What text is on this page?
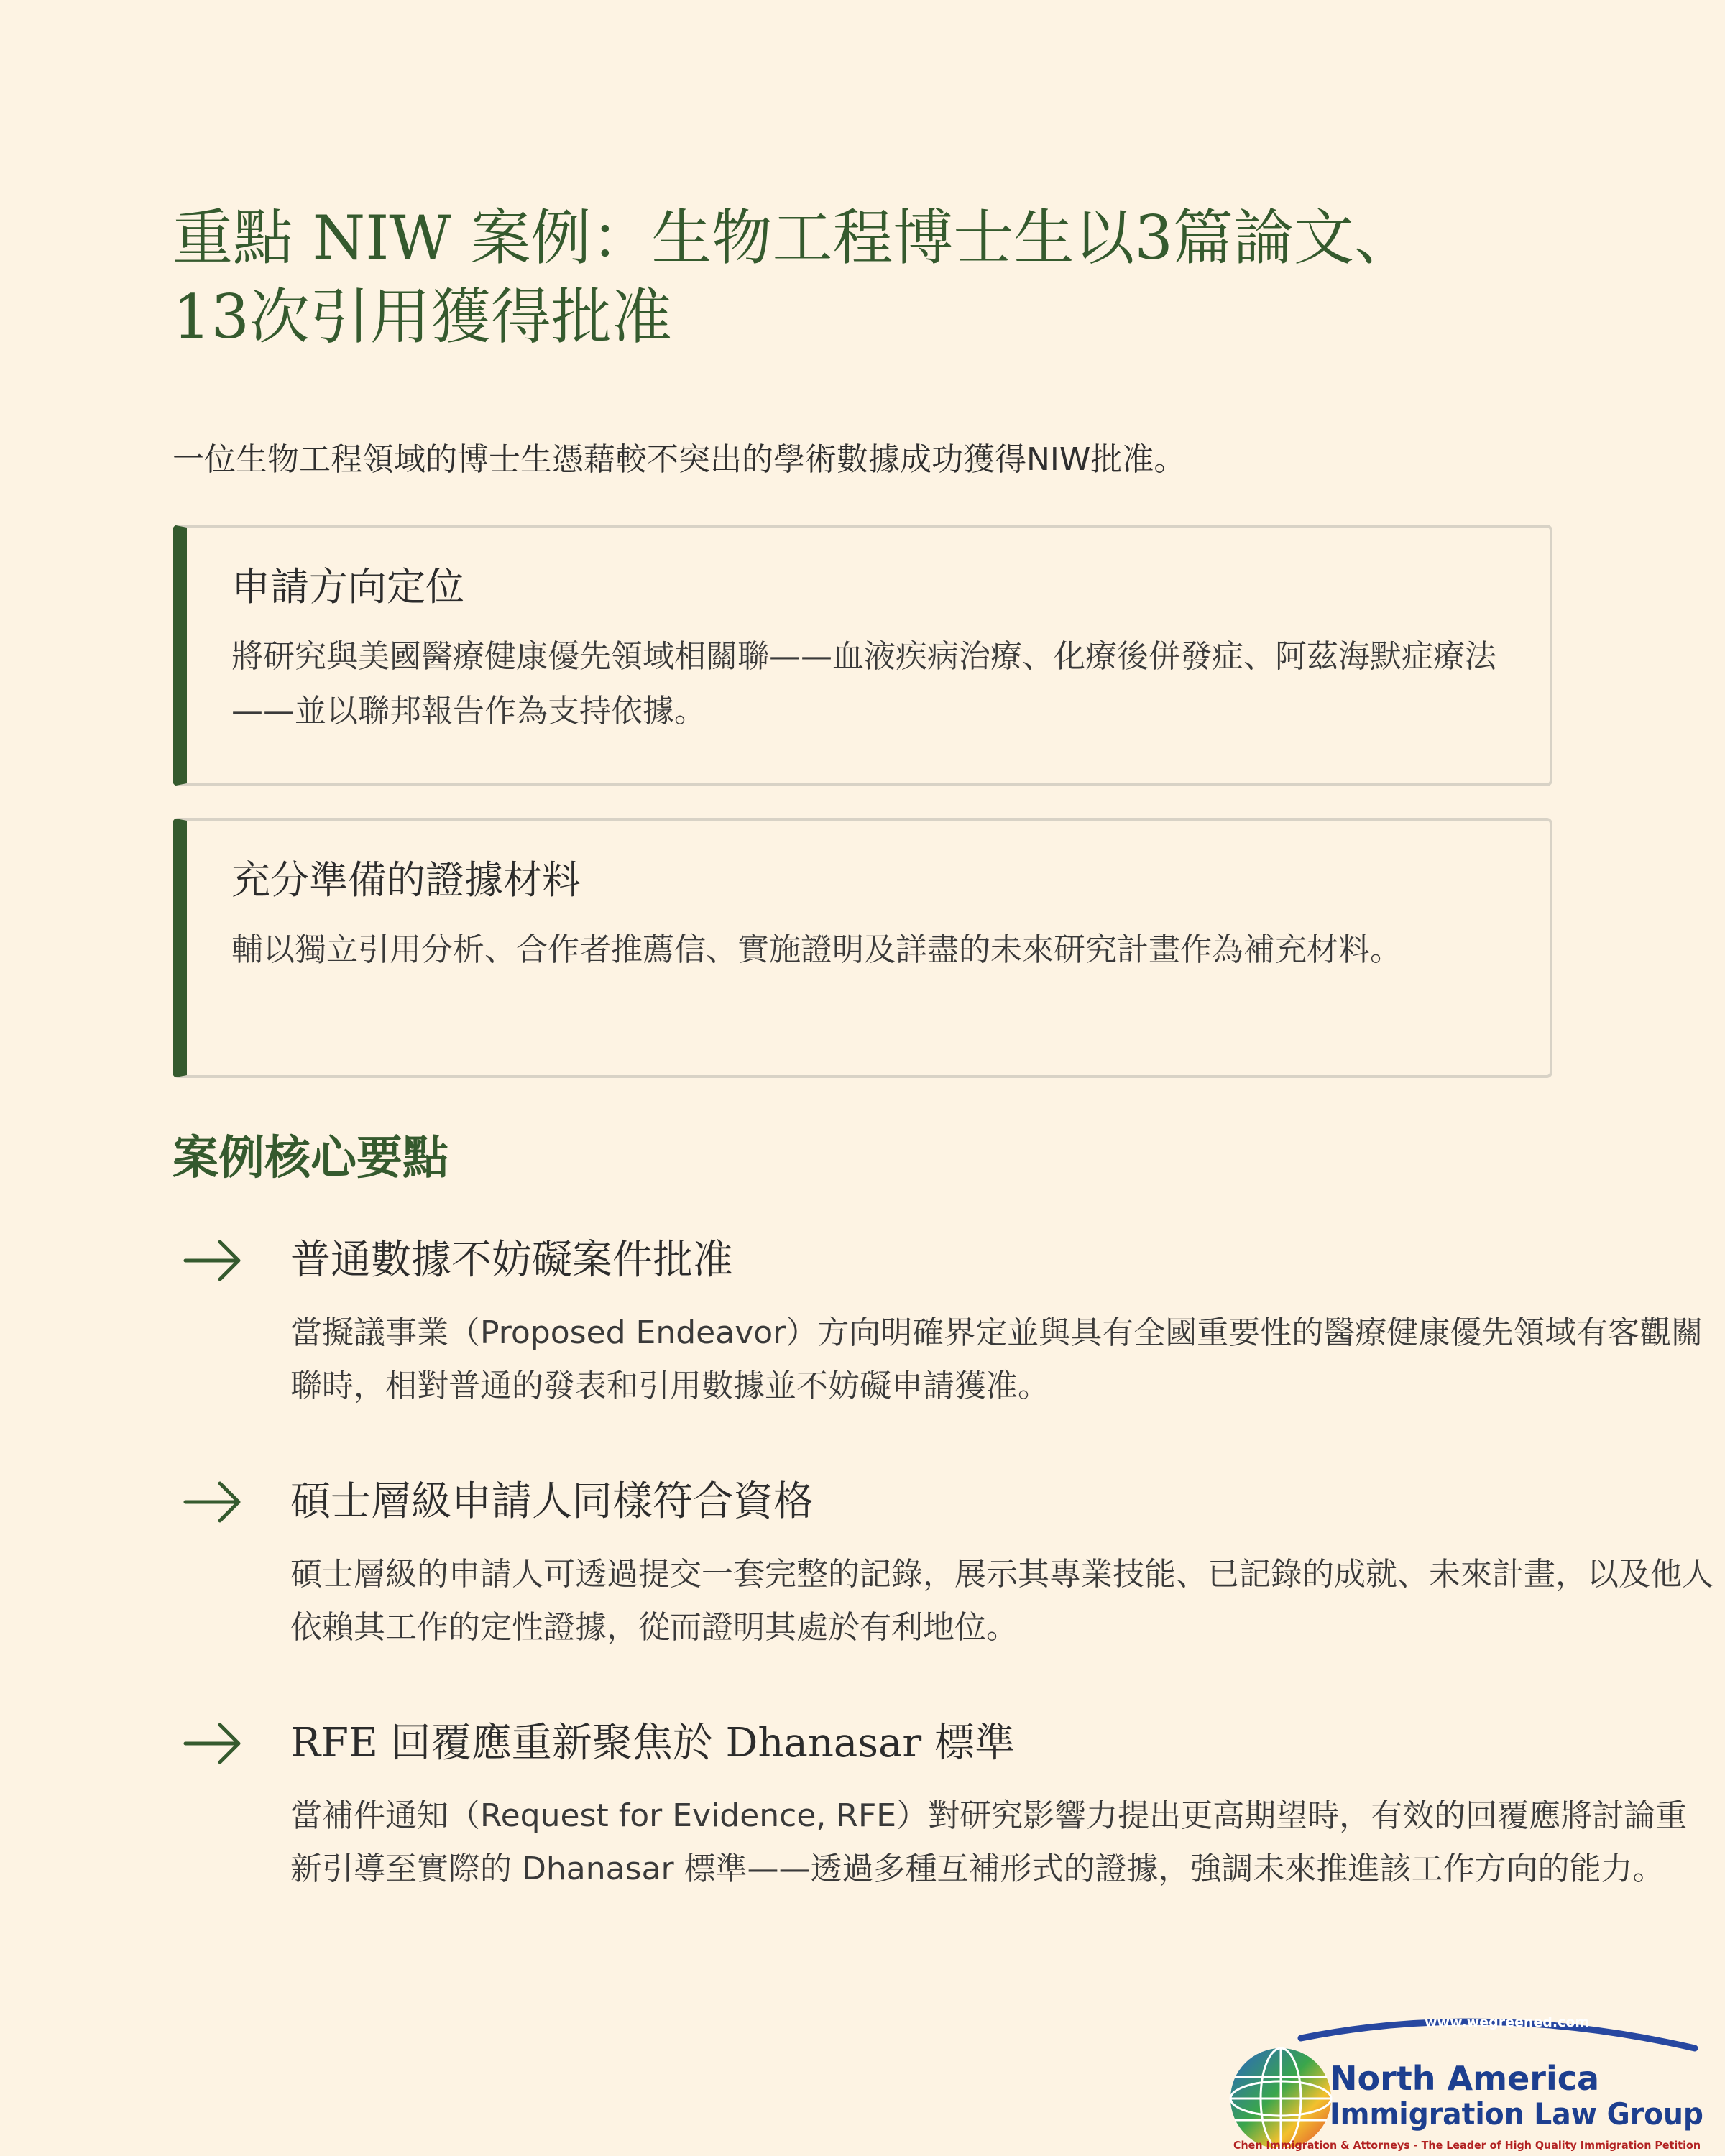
重點 NIW 案例：生物工程博士生以3篇論文、
13次引用獲得批准

一位生物工程領域的博士生憑藉較不突出的學術數據成功獲得NIW批准。

申請方向定位

將研究與美國醫療健康優先領域相關聯——血液疾病治療、化療後併發症、阿茲海默症療法——並以聯邦報告作為支持依據。

充分準備的證據材料

輔以獨立引用分析、合作者推薦信、實施證明及詳盡的未來研究計畫作為補充材料。

案例核心要點
普通數據不妨礙案件批准

當擬議事業（Proposed Endeavor）方向明確界定並與具有全國重要性的醫療健康優先領域有客觀關聯時，相對普通的發表和引用數據並不妨礙申請獲准。

碩士層級申請人同樣符合資格

碩士層級的申請人可透過提交一套完整的記錄，展示其專業技能、已記錄的成就、未來計畫，以及他人依賴其工作的定性證據，從而證明其處於有利地位。

RFE 回覆應重新聚焦於 Dhanasar 標準

當補件通知（Request for Evidence, RFE）對研究影響力提出更高期望時，有效的回覆應將討論重新引導至實際的 Dhanasar 標準——透過多種互補形式的證據，強調未來推進該工作方向的能力。

www.wegreened.com
North America
Immigration Law Group
Chen Immigration & Attorneys - The Leader of High Quality Immigration Petition
